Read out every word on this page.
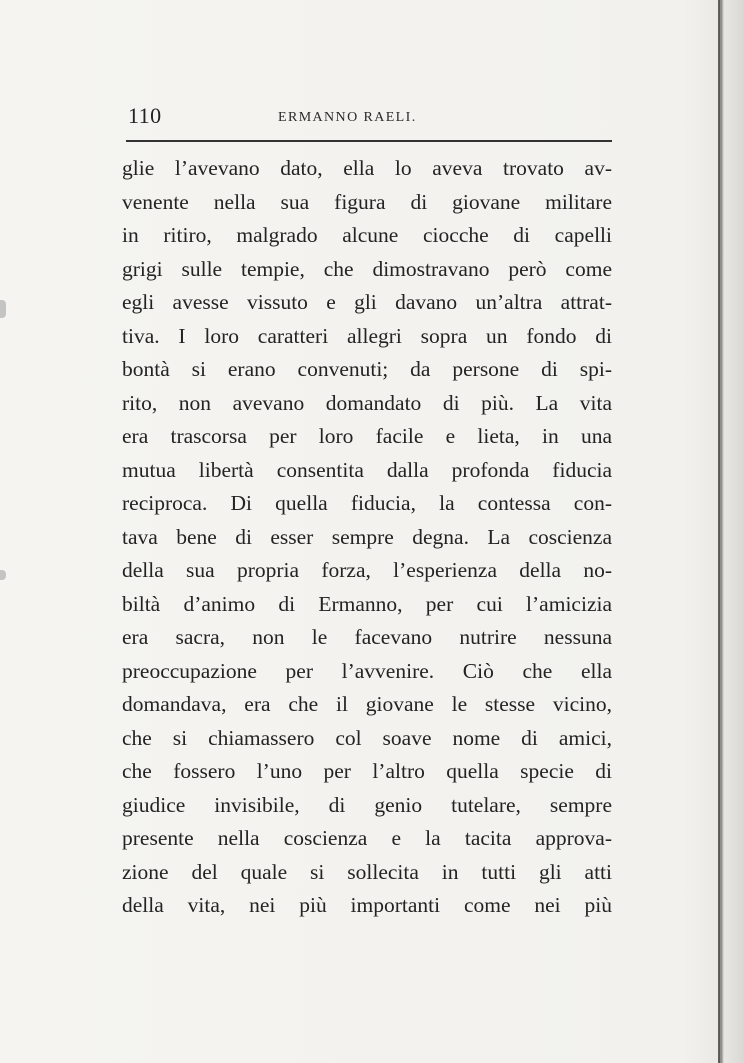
110	ERMANNO RAELI.
glie l’avevano dato, ella lo aveva trovato av-
venente nella sua figura di giovane militare
in ritiro, malgrado alcune ciocche di capelli
grigi sulle tempie, che dimostravano però come
egli avesse vissuto e gli davano un’altra attrat-
tiva. I loro caratteri allegri sopra un fondo di
bontà si erano convenuti; da persone di spi-
rito, non avevano domandato di più. La vita
era trascorsa per loro facile e lieta, in una
mutua libertà consentita dalla profonda fiducia
reciproca. Di quella fiducia, la contessa con-
tava bene di esser sempre degna. La coscienza
della sua propria forza, l’esperienza della no-
biltà d’animo di Ermanno, per cui l’amicizia
era sacra, non le facevano nutrire nessuna
preoccupazione per l’avvenire. Ciò che ella
domandava, era che il giovane le stesse vicino,
che si chiamassero col soave nome di amici,
che fossero l’uno per l’altro quella specie di
giudice invisibile, di genio tutelare, sempre
presente nella coscienza e la tacita approva-
zione del quale si sollecita in tutti gli atti
della vita, nei più importanti come nei più
